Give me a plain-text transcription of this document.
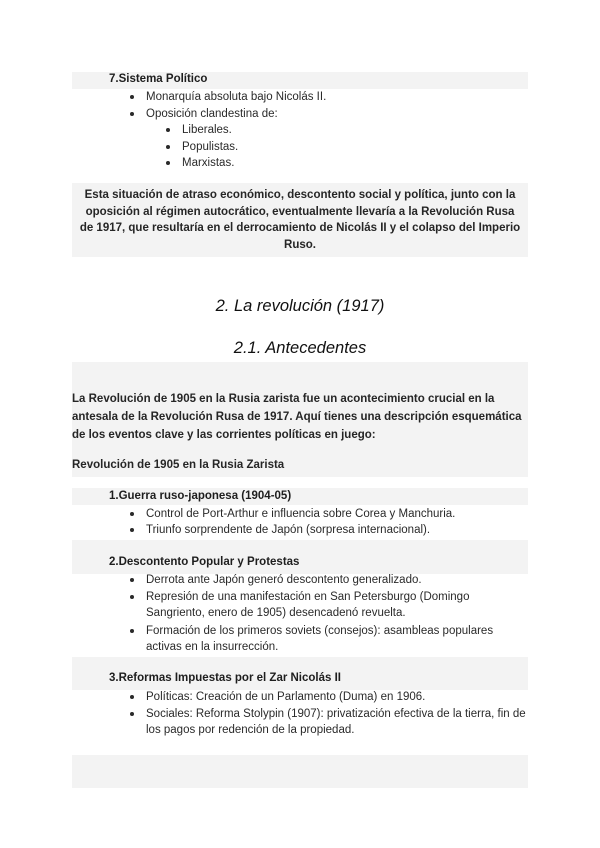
7.Sistema Político
Monarquía absoluta bajo Nicolás II.
Oposición clandestina de:
Liberales.
Populistas.
Marxistas.
Esta situación de atraso económico, descontento social y política, junto con la oposición al régimen autocrático, eventualmente llevaría a la Revolución Rusa de 1917, que resultaría en el derrocamiento de Nicolás II y el colapso del Imperio Ruso.
2. La revolución (1917)
2.1. Antecedentes
La Revolución de 1905 en la Rusia zarista fue un acontecimiento crucial en la antesala de la Revolución Rusa de 1917. Aquí tienes una descripción esquemática de los eventos clave y las corrientes políticas en juego:
Revolución de 1905 en la Rusia Zarista
1.Guerra ruso-japonesa (1904-05)
Control de Port-Arthur e influencia sobre Corea y Manchuria.
Triunfo sorprendente de Japón (sorpresa internacional).
2.Descontento Popular y Protestas
Derrota ante Japón generó descontento generalizado.
Represión de una manifestación en San Petersburgo (Domingo Sangriento, enero de 1905) desencadenó revuelta.
Formación de los primeros soviets (consejos): asambleas populares activas en la insurrección.
3.Reformas Impuestas por el Zar Nicolás II
Políticas: Creación de un Parlamento (Duma) en 1906.
Sociales: Reforma Stolypin (1907): privatización efectiva de la tierra, fin de los pagos por redención de la propiedad.
